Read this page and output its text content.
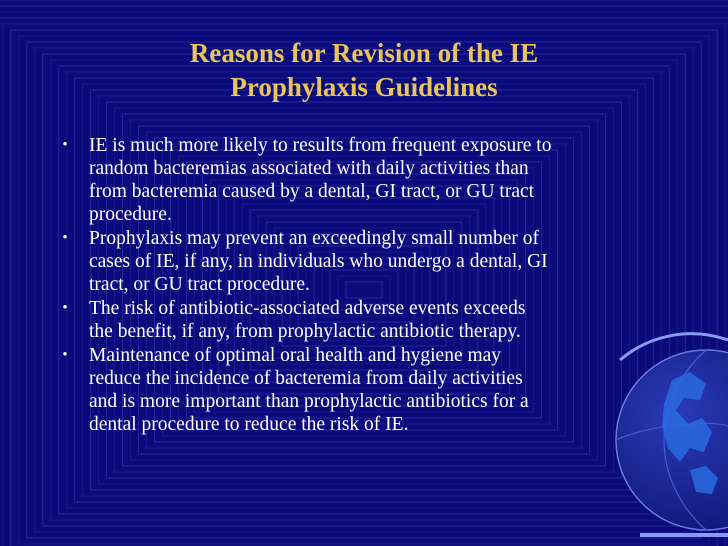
Reasons for Revision of the IE
Prophylaxis Guidelines
• IE is much more likely to results from frequent exposure to
random bacteremias associated with daily activities than
from bacteremia caused by a dental, GI tract, or GU tract
procedure.
• Prophylaxis may prevent an exceedingly small number of
cases of IE, if any, in individuals who undergo a dental, GI
tract, or GU tract procedure.
• The risk of antibiotic-associated adverse events exceeds
the benefit, if any, from prophylactic antibiotic therapy.
• Maintenance of optimal oral health and hygiene may
reduce the incidence of bacteremia from daily activities
and is more important than prophylactic antibiotics for a
dental procedure to reduce the risk of IE.
